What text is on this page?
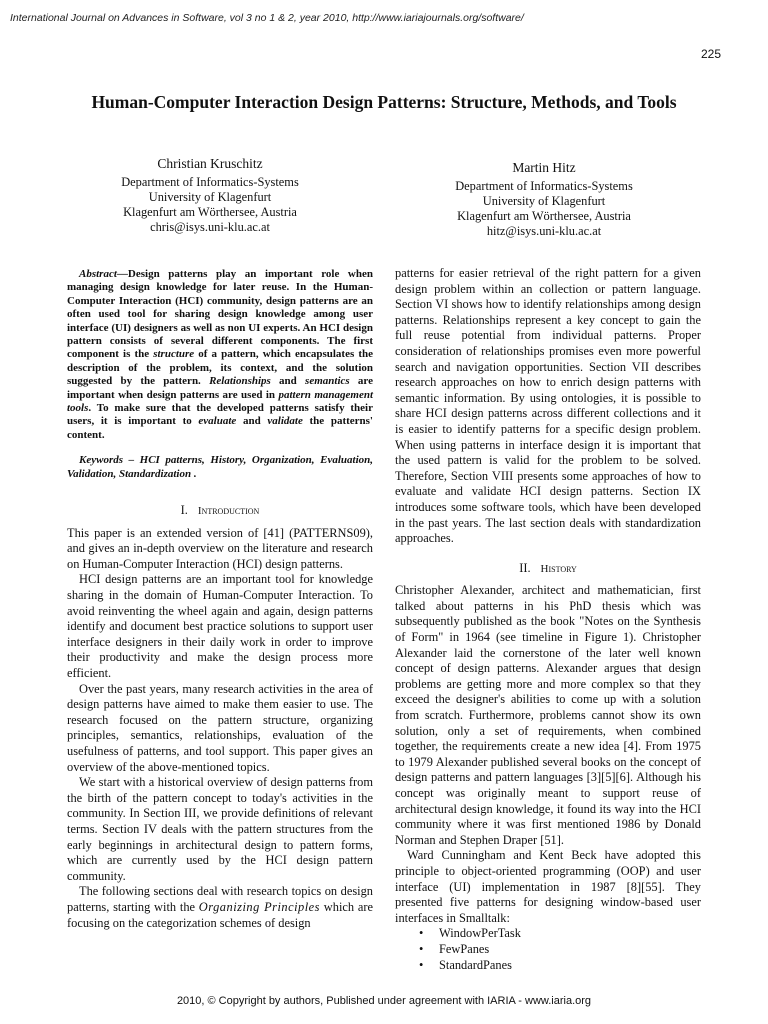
International Journal on Advances in Software, vol 3 no 1 & 2, year 2010, http://www.iariajournals.org/software/
225
Human-Computer Interaction Design Patterns: Structure, Methods, and Tools
Christian Kruschitz
Department of Informatics-Systems
University of Klagenfurt
Klagenfurt am Wörthersee, Austria
chris@isys.uni-klu.ac.at
Martin Hitz
Department of Informatics-Systems
University of Klagenfurt
Klagenfurt am Wörthersee, Austria
hitz@isys.uni-klu.ac.at

Abstract—Design patterns play an important role when managing design knowledge for later reuse. In the Human-Computer Interaction (HCI) community, design patterns are an often used tool for sharing design knowledge among user interface (UI) designers as well as non UI experts. An HCI design pattern consists of several different components. The first component is the structure of a pattern, which encapsulates the description of the problem, its context, and the solution suggested by the pattern. Relationships and semantics are important when design patterns are used in pattern management tools. To make sure that the developed patterns satisfy their users, it is important to evaluate and validate the patterns' content.

Keywords – HCI patterns, History, Organization, Evaluation, Validation, Standardization .

I. Introduction

This paper is an extended version of [41] (PATTERNS09), and gives an in-depth overview on the literature and research on Human-Computer Interaction (HCI) design patterns.

HCI design patterns are an important tool for knowledge sharing in the domain of Human-Computer Interaction. To avoid reinventing the wheel again and again, design patterns identify and document best practice solutions to support user interface designers in their daily work in order to improve their productivity and make the design process more efficient.

Over the past years, many research activities in the area of design patterns have aimed to make them easier to use. The research focused on the pattern structure, organizing principles, semantics, relationships, evaluation of the usefulness of patterns, and tool support. This paper gives an overview of the above-mentioned topics.

We start with a historical overview of design patterns from the birth of the pattern concept to today's activities in the community. In Section III, we provide definitions of relevant terms. Section IV deals with the pattern structures from the early beginnings in architectural design to pattern forms, which are currently used by the HCI design pattern community.

The following sections deal with research topics on design patterns, starting with the Organizing Principles which are focusing on the categorization schemes of design

patterns for easier retrieval of the right pattern for a given design problem within an collection or pattern language. Section VI shows how to identify relationships among design patterns. Relationships represent a key concept to gain the full reuse potential from individual patterns. Proper consideration of relationships promises even more powerful search and navigation opportunities. Section VII describes research approaches on how to enrich design patterns with semantic information. By using ontologies, it is possible to share HCI design patterns across different collections and it is easier to identify patterns for a specific design problem. When using patterns in interface design it is important that the used pattern is valid for the problem to be solved. Therefore, Section VIII presents some approaches of how to evaluate and validate HCI design patterns. Section IX introduces some software tools, which have been developed in the past years. The last section deals with standardization approaches.

II. History

Christopher Alexander, architect and mathematician, first talked about patterns in his PhD thesis which was subsequently published as the book "Notes on the Synthesis of Form" in 1964 (see timeline in Figure 1). Christopher Alexander laid the cornerstone of the later well known concept of design patterns. Alexander argues that design problems are getting more and more complex so that they exceed the designer's abilities to come up with a solution from scratch. Furthermore, problems cannot show its own solution, only a set of requirements, when combined together, the requirements create a new idea [4]. From 1975 to 1979 Alexander published several books on the concept of design patterns and pattern languages [3][5][6]. Although his concept was originally meant to support reuse of architectural design knowledge, it found its way into the HCI community where it was first mentioned 1986 by Donald Norman and Stephen Draper [51].

Ward Cunningham and Kent Beck have adopted this principle to object-oriented programming (OOP) and user interface (UI) implementation in 1987 [8][55]. They presented five patterns for designing window-based user interfaces in Smalltalk:

• WindowPerTask
• FewPanes
• StandardPanes
2010, © Copyright by authors, Published under agreement with IARIA - www.iaria.org
